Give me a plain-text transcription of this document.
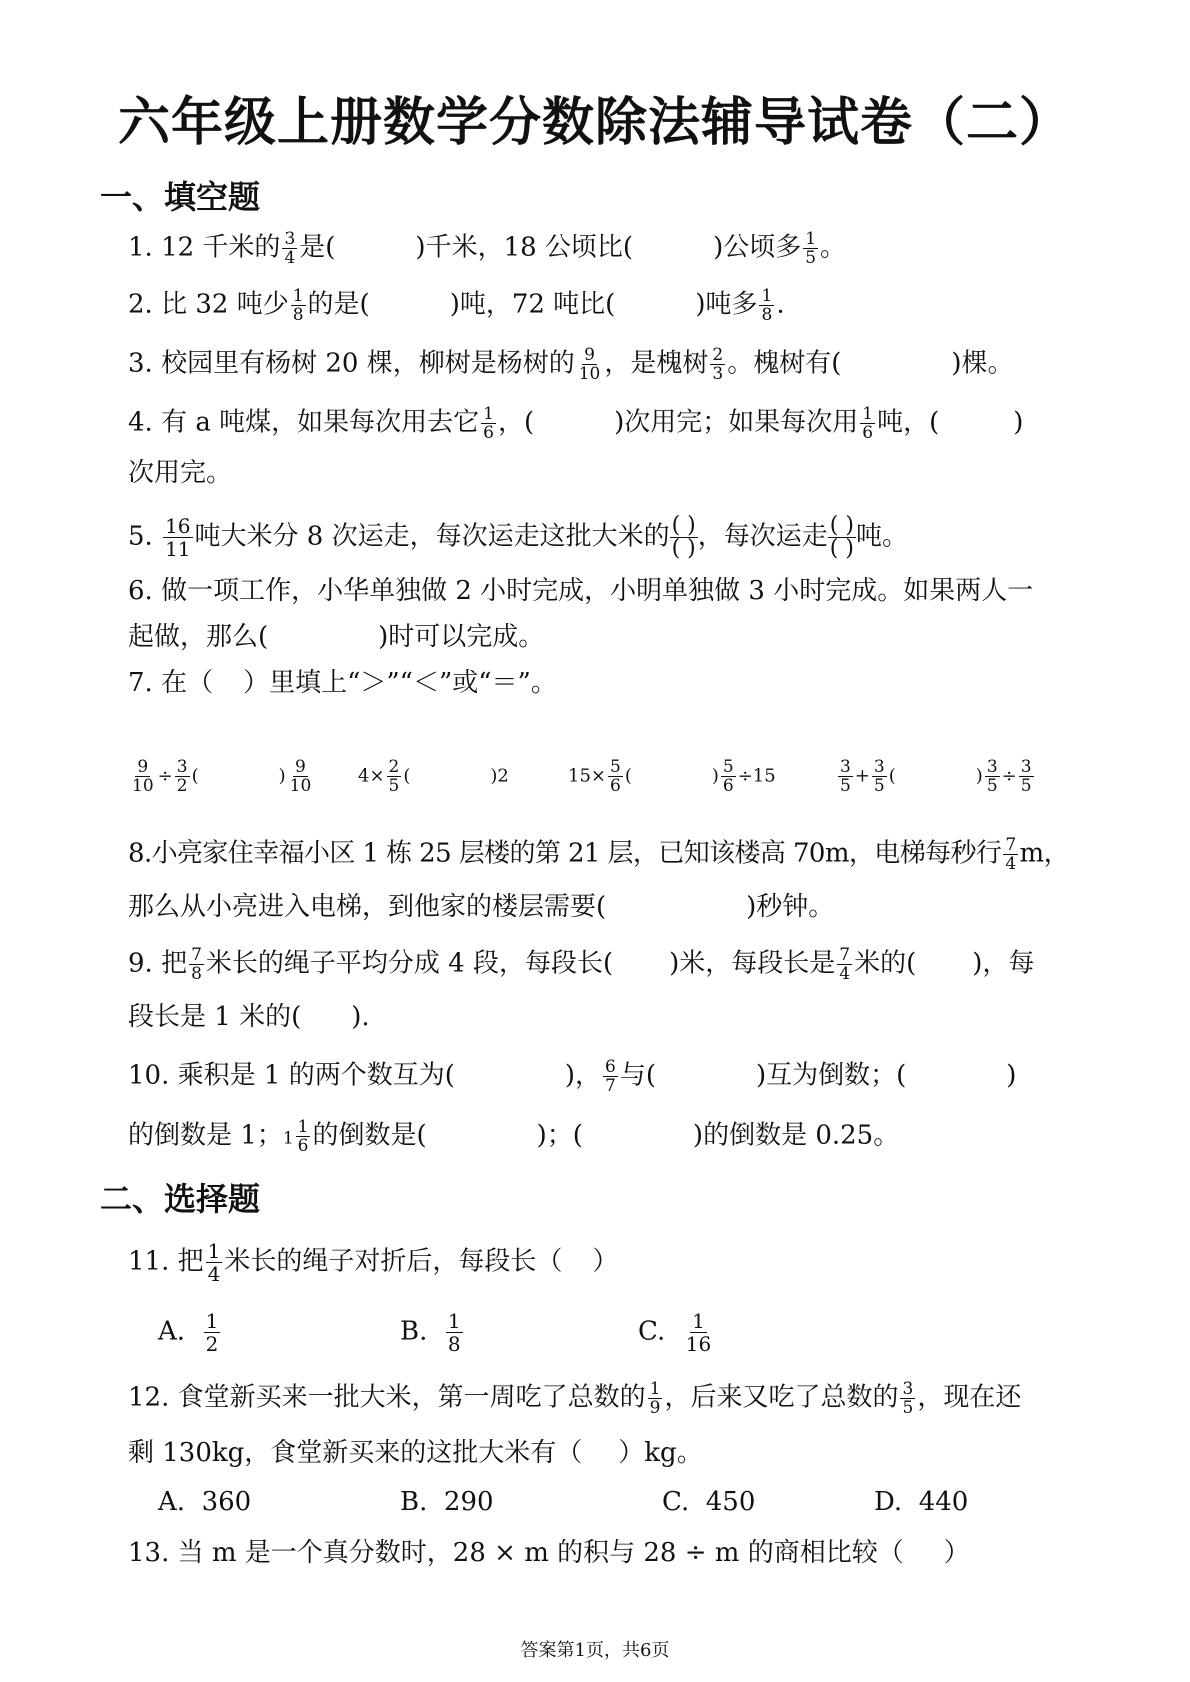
六年级上册数学分数除法辅导试卷（二）
一、填空题
1. 12 千米的 $\frac{3}{4}$ 是(	)千米，18 公顷比(	)公顷多 $\frac{1}{5}$ 。
2. 比 32 吨少 $\frac{1}{8}$ 的是(	)吨，72 吨比(	)吨多 $\frac{1}{8}$ .
3. 校园里有杨树 20 棵，柳树是杨树的 $\frac{9}{10}$ ，是槐树 $\frac{2}{3}$ 。槐树有(	)棵。
4. 有 a 吨煤，如果每次用去它 $\frac{1}{6}$ ，(	)次用完；如果每次用 $\frac{1}{6}$ 吨，(	)
次用完。
5. $\frac{16}{11}$ 吨大米分 8 次运走，每次运走这批大米的 ( )
( ) ，每次运走 ( )
( ) 吨。
6. 做一项工作，小华单独做 2 小时完成，小明单独做 3 小时完成。如果两人一
起做，那么(	)时可以完成。
7. 在（ ）里填上“＞”“＜”或“＝”。
$\frac{9}{10} \div \frac{3}{2}$ (	) $\frac{9}{10} 4\times \frac{2}{5}$ (	)2	$15\times \frac{5}{6}$ (	) $\frac{5}{6} \div 15$	$\frac{3}{5} + \frac{3}{5}$ (	) $\frac{3}{5} \div \frac{3}{5}$
8.小亮家住幸福小区 1 栋 25 层楼的第 21 层，已知该楼高 70m，电梯每秒行 $\frac{7}{4}$ m，
那么从小亮进入电梯，到他家的楼层需要(	)秒钟。
9. 把 $\frac{7}{8}$ 米长的绳子平均分成 4 段，每段长( )米，每段长是 $\frac{7}{4}$ 米的( )，每
段长是 1 米的( ).
10. 乘积是 1 的两个数互为(	)， $\frac{6}{7}$ 与(	)互为倒数；(	)
的倒数是 1；$1 \frac{1}{6}$ 的倒数是(	)；(	)的倒数是 0.25。
二、选择题
11. 把 $\frac{1}{4}$ 米长的绳子对折后，每段长（ ）
A. $\frac{1}{2}$	B. $\frac{1}{8}$	C. $\frac{1}{16}$
12. 食堂新买来一批大米，第一周吃了总数的 $\frac{1}{9}$ ，后来又吃了总数的 $\frac{3}{5}$ ，现在还
剩 130kg，食堂新买来的这批大米有（ ）kg。
A. 360	B. 290	C. 450	D. 440
13. 当 m 是一个真分数时，28 × m 的积与 28 ÷ m 的商相比较（ ）
答案第1页，共6页
